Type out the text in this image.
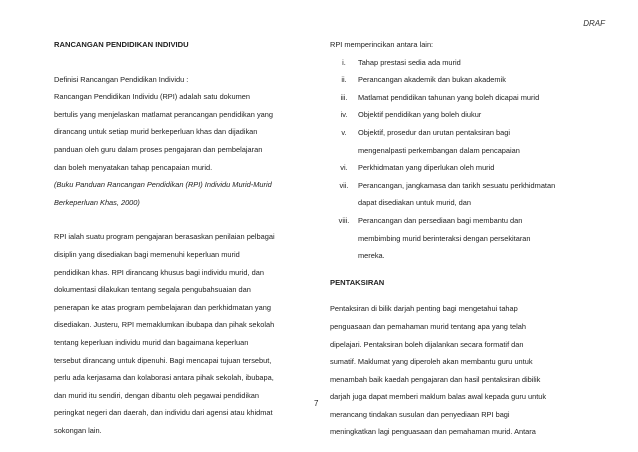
DRAF
RANCANGAN PENDIDIKAN INDIVIDU
Definisi Rancangan Pendidikan Individu :
Rancangan Pendidikan Individu (RPI) adalah satu dokumen
bertulis yang menjelaskan matlamat perancangan pendidikan yang
dirancang untuk setiap murid berkeperluan khas dan dijadikan
panduan oleh guru dalam proses pengajaran dan pembelajaran
dan boleh menyatakan tahap pencapaian murid.
(Buku Panduan Rancangan Pendidikan (RPI) Individu Murid-Murid
Berkeperluan Khas, 2000)
RPI ialah suatu program pengajaran berasaskan penilaian pelbagai
disiplin yang disediakan bagi memenuhi keperluan murid
pendidikan khas. RPI dirancang khusus bagi individu murid, dan
dokumentasi dilakukan tentang segala pengubahsuaian dan
penerapan ke atas program pembelajaran dan perkhidmatan yang
disediakan. Justeru, RPI memaklumkan ibubapa dan pihak sekolah
tentang keperluan individu murid dan bagaimana keperluan
tersebut dirancang untuk dipenuhi. Bagi mencapai tujuan tersebut,
perlu ada kerjasama dan kolaborasi antara pihak sekolah, ibubapa,
dan murid itu sendiri, dengan dibantu oleh pegawai pendidikan
peringkat negeri dan daerah, dan individu dari agensi atau khidmat
sokongan lain.
RPI memperincikan antara lain:
i.	Tahap prestasi sedia ada murid
ii.	Perancangan akademik dan bukan akademik
iii.	Matlamat pendidikan tahunan yang boleh dicapai murid
iv.	Objektif pendidikan yang boleh diukur
v.	Objektif, prosedur dan urutan pentaksiran bagi
mengenalpasti perkembangan dalam pencapaian
vi.	Perkhidmatan yang diperlukan oleh murid
vii.	Perancangan, jangkamasa dan tarikh sesuatu perkhidmatan
dapat disediakan untuk murid, dan
viii.	Perancangan dan persediaan bagi membantu dan
membimbing murid berinteraksi dengan persekitaran
mereka.
PENTAKSIRAN
Pentaksiran di bilik darjah penting bagi mengetahui tahap
penguasaan dan pemahaman murid tentang apa yang telah
dipelajari. Pentaksiran boleh dijalankan secara formatif dan
sumatif. Maklumat yang diperoleh akan membantu guru untuk
menambah baik kaedah pengajaran dan hasil pentaksiran dibilik
darjah juga dapat memberi maklum balas awal kepada guru untuk
merancang tindakan susulan dan penyediaan RPI bagi
meningkatkan lagi penguasaan dan pemahaman murid. Antara
7
